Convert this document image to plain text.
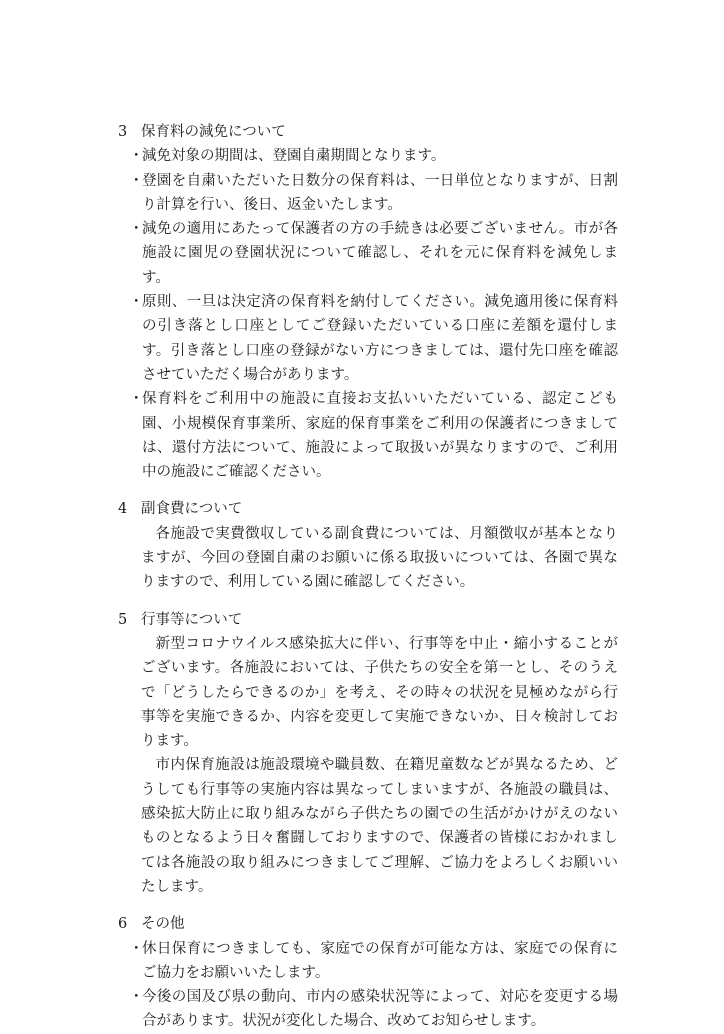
3 保育料の減免について
・
減免対象の期間は、登園自粛期間となります。
・
登園を自粛いただいた日数分の保育料は、一日単位となりますが、日割り計算を行い、後日、返金いたします。
・
減免の適用にあたって保護者の方の手続きは必要ございません。市が各施設に園児の登園状況について確認し、それを元に保育料を減免します。
・
原則、一旦は決定済の保育料を納付してください。減免適用後に保育料の引き落とし口座としてご登録いただいている口座に差額を還付します。引き落とし口座の登録がない方につきましては、還付先口座を確認させていただく場合があります。
・
保育料をご利用中の施設に直接お支払いいただいている、認定こども園、小規模保育事業所、家庭的保育事業をご利用の保護者につきましては、還付方法について、施設によって取扱いが異なりますので、ご利用中の施設にご確認ください。
4 副食費について

各施設で実費徴収している副食費については、月額徴収が基本となりますが、今回の登園自粛のお願いに係る取扱いについては、各園で異なりますので、利用している園に確認してください。

5 行事等について

新型コロナウイルス感染拡大に伴い、行事等を中止・縮小することがございます。各施設においては、子供たちの安全を第一とし、そのうえで「どうしたらできるのか」を考え、その時々の状況を見極めながら行事等を実施できるか、内容を変更して実施できないか、日々検討しております。

市内保育施設は施設環境や職員数、在籍児童数などが異なるため、どうしても行事等の実施内容は異なってしまいますが、各施設の職員は、感染拡大防止に取り組みながら子供たちの園での生活がかけがえのないものとなるよう日々奮闘しておりますので、保護者の皆様におかれましては各施設の取り組みにつきましてご理解、ご協力をよろしくお願いいたします。

6 その他
・
休日保育につきましても、家庭での保育が可能な方は、家庭での保育にご協力をお願いいたします。
・
今後の国及び県の動向、市内の感染状況等によって、対応を変更する場合があります。状況が変化した場合、改めてお知らせします。
